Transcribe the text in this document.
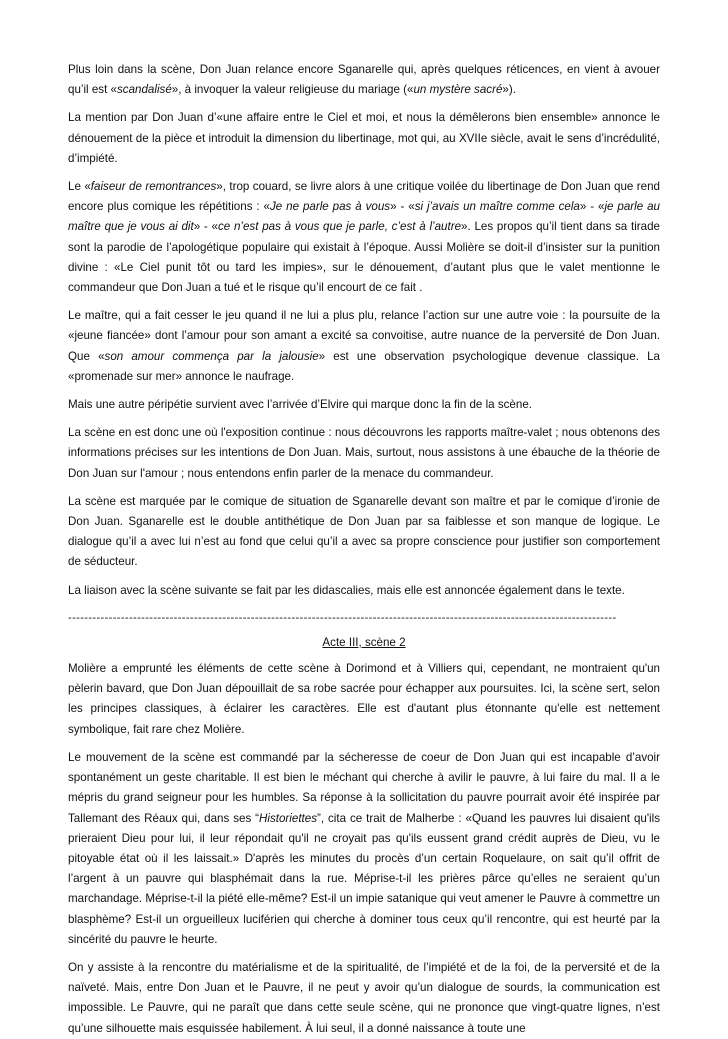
Plus loin dans la scène, Don Juan relance encore Sganarelle qui, après quelques réticences, en vient à avouer qu’il est «scandalisé», à invoquer la valeur religieuse du mariage («un mystère sacré»).

La mention par Don Juan d’«une affaire entre le Ciel et moi, et nous la démêlerons bien ensemble» annonce le dénouement de la pièce et introduit la dimension du libertinage, mot qui, au XVIIe siècle, avait le sens d’incrédulité, d’impiété.

Le «faiseur de remontrances», trop couard, se livre alors à une critique voilée du libertinage de Don Juan que rend encore plus comique les répétitions : «Je ne parle pas à vous» - «si j’avais un maître comme cela» - «je parle au maître que je vous ai dit» - «ce n’est pas à vous que je parle, c’est à l’autre». Les propos qu’il tient dans sa tirade sont la parodie de l’apologétique populaire qui existait à l’époque. Aussi Molière se doit-il d’insister sur la punition divine : «Le Ciel punit tôt ou tard les impies», sur le dénouement, d’autant plus que le valet mentionne le commandeur que Don Juan a tué et le risque qu’il encourt de ce fait .

Le maître, qui a fait cesser le jeu quand il ne lui a plus plu, relance l’action sur une autre voie : la poursuite de la «jeune fiancée» dont l’amour pour son amant a excité sa convoitise, autre nuance de la perversité de Don Juan. Que «son amour commença par la jalousie» est une observation psychologique devenue classique. La «promenade sur mer» annonce le naufrage.

Mais une autre péripétie survient avec l’arrivée d’Elvire qui marque donc la fin de la scène.

La scène en est donc une où l'exposition continue : nous découvrons les rapports maître-valet ; nous obtenons des informations précises sur les intentions de Don Juan. Mais, surtout, nous assistons à une ébauche de la théorie de Don Juan sur l'amour ; nous entendons enfin parler de la menace du commandeur.

La scène est marquée par le comique de situation de Sganarelle devant son maître et par le comique d’ironie de Don Juan. Sganarelle est le double antithétique de Don Juan par sa faiblesse et son manque de logique. Le dialogue qu’il a avec lui n’est au fond que celui qu’il a avec sa propre conscience pour justifier son comportement de séducteur.

La liaison avec la scène suivante se fait par les didascalies, mais elle est annoncée également dans le texte.

---------------------------------------------------------------------------------------------------------------------------------------
Acte III, scène 2

Molière a emprunté les éléments de cette scène à Dorimond et à Villiers qui, cependant, ne montraient qu'un pèlerin bavard, que Don Juan dépouillait de sa robe sacrée pour échapper aux poursuites. Ici, la scène sert, selon les principes classiques, à éclairer les caractères. Elle est d'autant plus étonnante qu'elle est nettement symbolique, fait rare chez Molière.

Le mouvement de la scène est commandé par la sécheresse de coeur de Don Juan qui est incapable d’avoir spontanément un geste charitable. Il est bien le méchant qui cherche à avilir le pauvre, à lui faire du mal. Il a le mépris du grand seigneur pour les humbles. Sa réponse à la sollicitation du pauvre pourrait avoir été inspirée par Tallemant des Réaux qui, dans ses “Historiettes”, cita ce trait de Malherbe : «Quand les pauvres lui disaient qu'ils prieraient Dieu pour lui, il leur répondait qu'il ne croyait pas qu'ils eussent grand crédit auprès de Dieu, vu le pitoyable état où il les laissait.» D'après les minutes du procès d’un certain Roquelaure, on sait qu’il offrit de l’argent à un pauvre qui blasphémait dans la rue. Méprise-t-il les prières pârce qu’elles ne seraient qu’un marchandage. Méprise-t-il la piété elle-même? Est-il un impie satanique qui veut amener le Pauvre à commettre un blasphème? Est-il un orgueilleux luciférien qui cherche à dominer tous ceux qu’il rencontre, qui est heurté par la sincérité du pauvre le heurte.

On y assiste à la rencontre du matérialisme et de la spiritualité, de l’impiété et de la foi, de la perversité et de la naïveté. Mais, entre Don Juan et le Pauvre, il ne peut y avoir qu’un dialogue de sourds, la communication est impossible. Le Pauvre, qui ne paraît que dans cette seule scène, qui ne prononce que vingt-quatre lignes, n’est qu’une silhouette mais esquissée habilement. À lui seul, il a donné naissance à toute une
